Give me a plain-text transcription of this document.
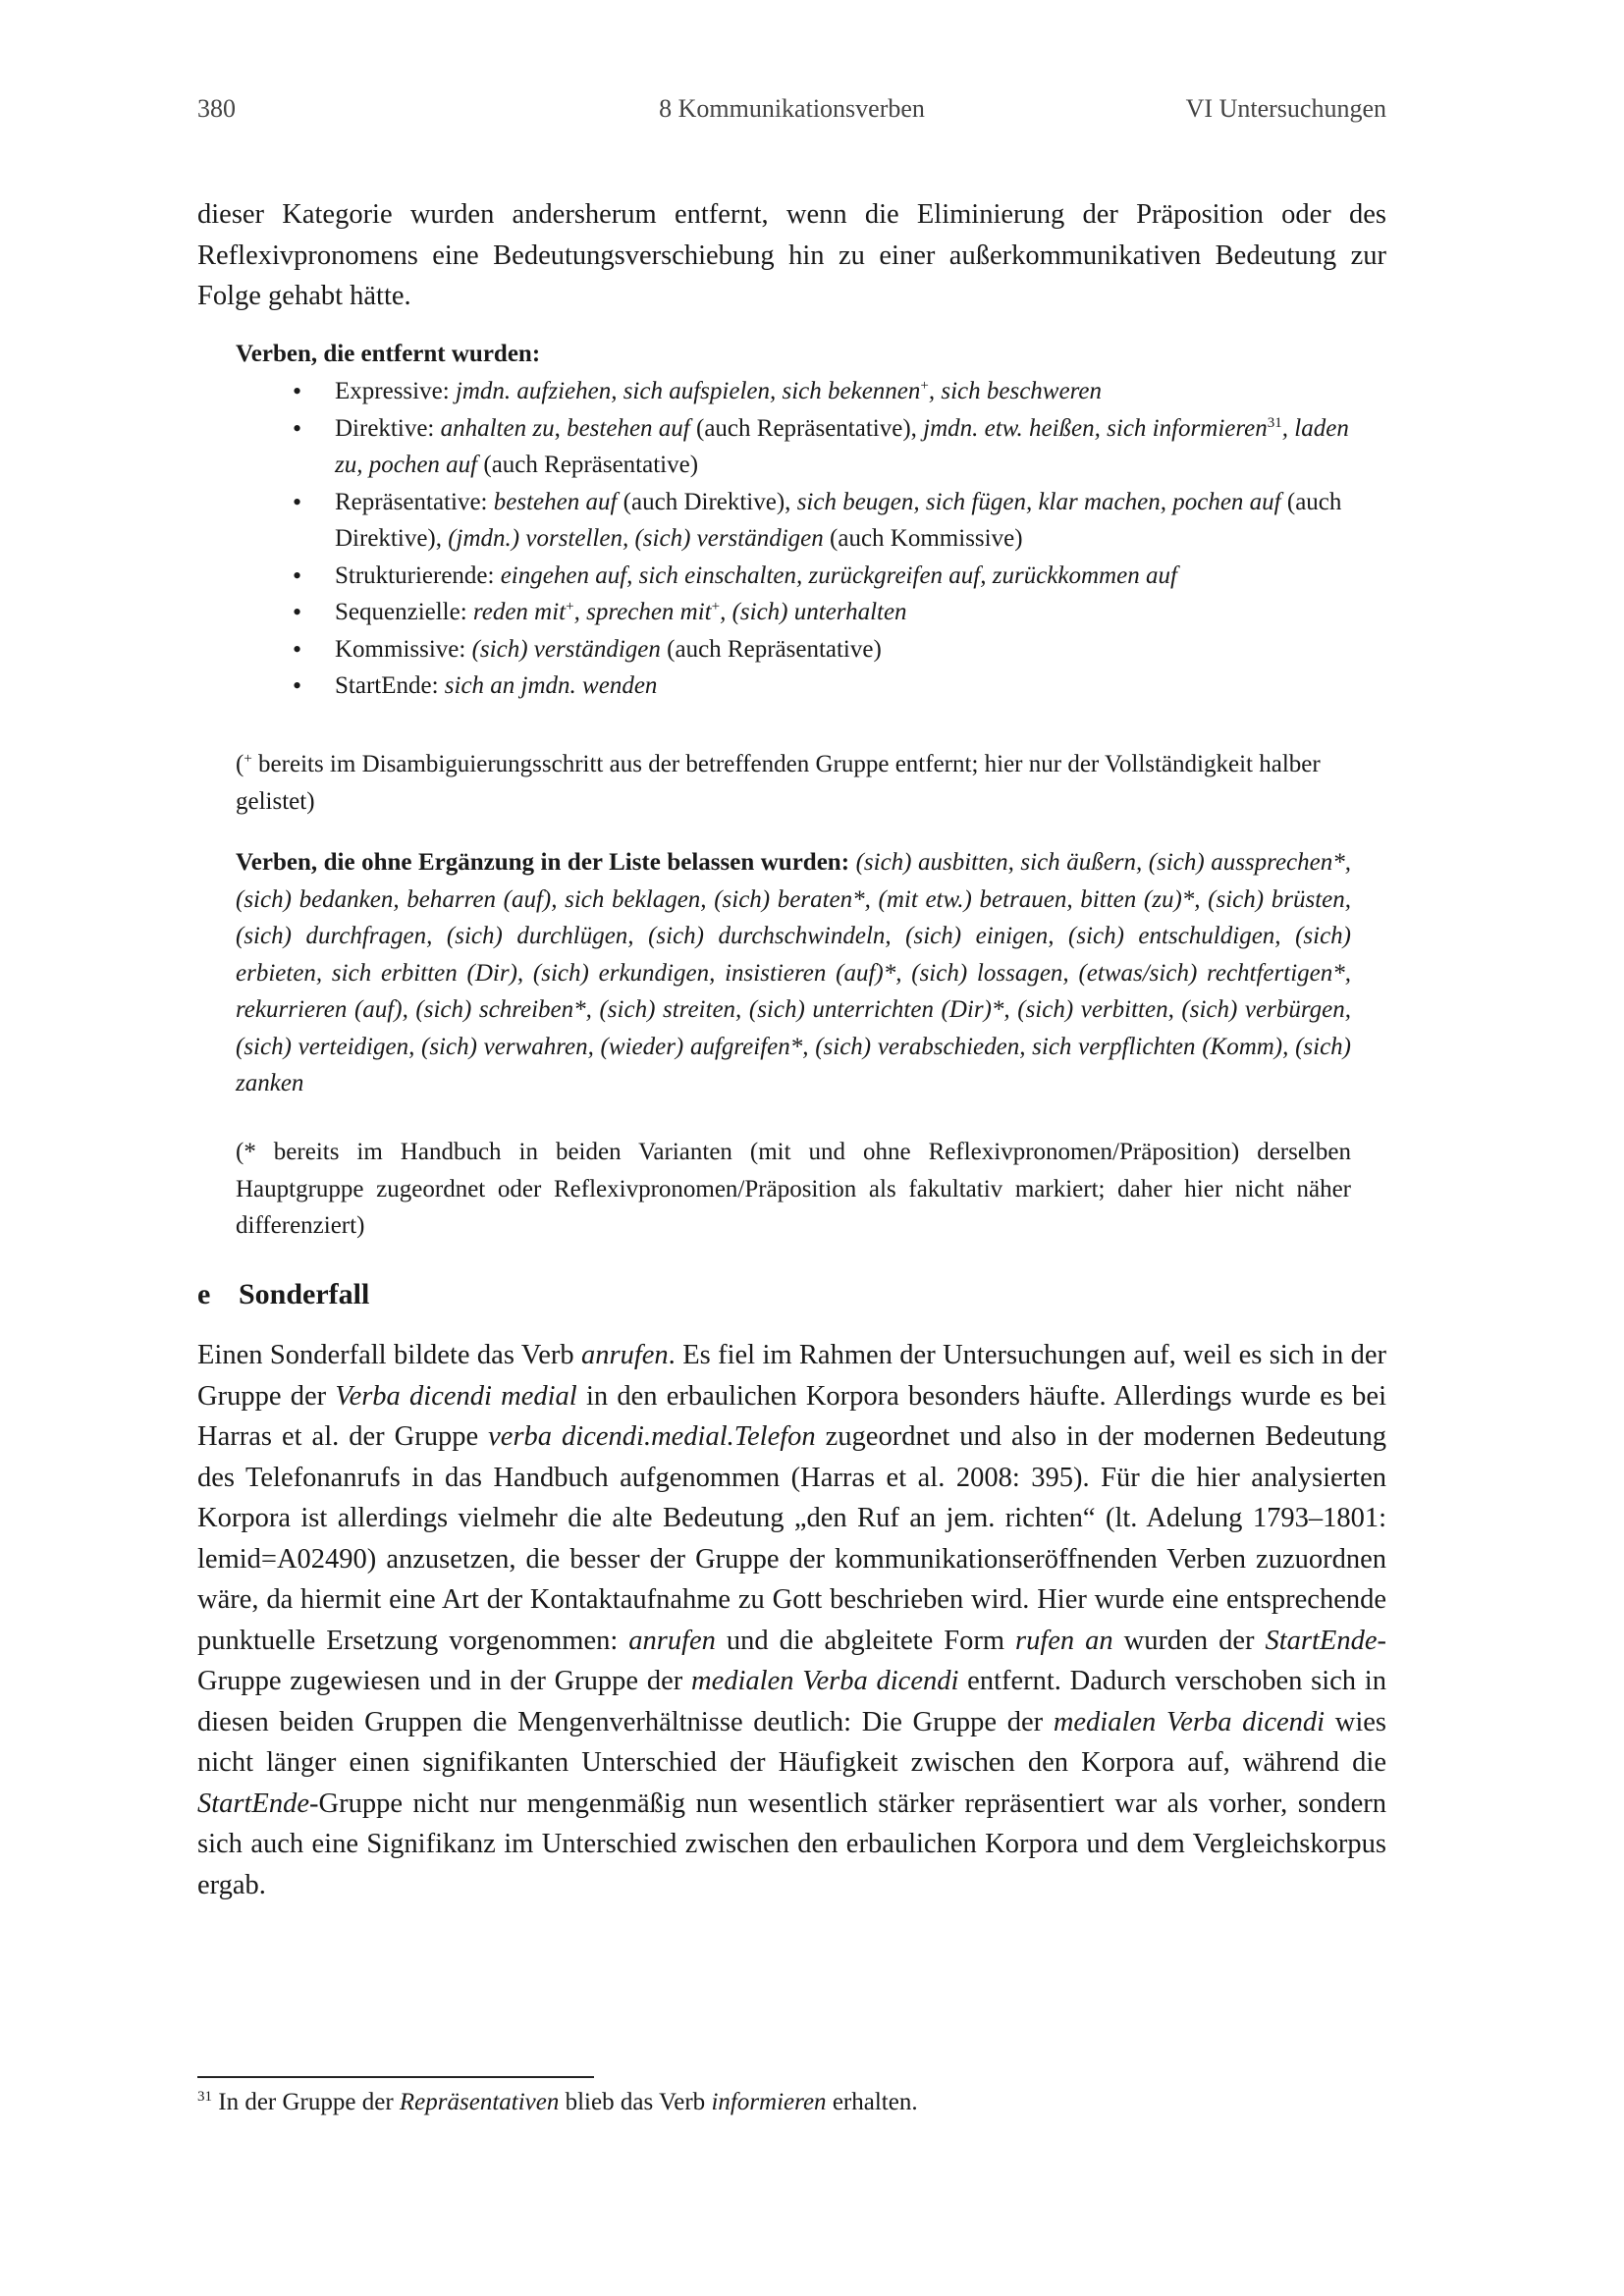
380	8 Kommunikationsverben	VI Untersuchungen
dieser Kategorie wurden andersherum entfernt, wenn die Eliminierung der Präposition oder des Reflexivpronomens eine Bedeutungsverschiebung hin zu einer außerkommunikativen Bedeutung zur Folge gehabt hätte.
Verben, die entfernt wurden:
• Expressive: jmdn. aufziehen, sich aufspielen, sich bekennen+, sich beschweren
• Direktive: anhalten zu, bestehen auf (auch Repräsentative), jmdn. etw. heißen, sich informieren$^{31}$, laden zu, pochen auf (auch Repräsentative)
• Repräsentative: bestehen auf (auch Direktive), sich beugen, sich fügen, klar machen, pochen auf (auch Direktive), (jmdn.) vorstellen, (sich) verständigen (auch Kommissive)
• Strukturierende: eingehen auf, sich einschalten, zurückgreifen auf, zurückkommen auf
• Sequenzielle: reden mit+, sprechen mit+, (sich) unterhalten
• Kommissive: (sich) verständigen (auch Repräsentative)
• StartEnde: sich an jmdn. wenden
(+ bereits im Disambiguierungsschritt aus der betreffenden Gruppe entfernt; hier nur der Vollständigkeit halber gelistet)
Verben, die ohne Ergänzung in der Liste belassen wurden: (sich) ausbitten, sich äußern, (sich) aussprechen*, (sich) bedanken, beharren (auf), sich beklagen, (sich) beraten*, (mit etw.) betrauen, bitten (zu)*, (sich) brüsten, (sich) durchfragen, (sich) durchlügen, (sich) durchschwindeln, (sich) einigen, (sich) entschuldigen, (sich) erbieten, sich erbitten (Dir), (sich) erkundigen, insistieren (auf)*, (sich) lossagen, (etwas/sich) rechtfertigen*, rekurrieren (auf), (sich) schreiben*, (sich) streiten, (sich) unterrichten (Dir)*, (sich) verbitten, (sich) verbürgen, (sich) verteidigen, (sich) verwahren, (wieder) aufgreifen*, (sich) verabschieden, sich verpflichten (Komm), (sich) zanken
(* bereits im Handbuch in beiden Varianten (mit und ohne Reflexivpronomen/Präposition) derselben Hauptgruppe zugeordnet oder Reflexivpronomen/Präposition als fakultativ markiert; daher hier nicht näher differenziert)
e Sonderfall
Einen Sonderfall bildete das Verb anrufen. Es fiel im Rahmen der Untersuchungen auf, weil es sich in der Gruppe der Verba dicendi medial in den erbaulichen Korpora besonders häufte. Allerdings wurde es bei Harras et al. der Gruppe verba dicendi.medial.Telefon zugeordnet und also in der modernen Bedeutung des Telefonanrufs in das Handbuch aufgenommen (Harras et al. 2008: 395). Für die hier analysierten Korpora ist allerdings vielmehr die alte Bedeutung „den Ruf an jem. richten“ (lt. Adelung 1793–1801: lemid=A02490) anzusetzen, die besser der Gruppe der kommunikationseröffnenden Verben zuzuordnen wäre, da hiermit eine Art der Kontaktaufnahme zu Gott beschrieben wird. Hier wurde eine entsprechende punktuelle Ersetzung vorgenommen: anrufen und die abgleitete Form rufen an wurden der StartEnde-Gruppe zugewiesen und in der Gruppe der medialen Verba dicendi entfernt. Dadurch verschoben sich in diesen beiden Gruppen die Mengenverhältnisse deutlich: Die Gruppe der medialen Verba dicendi wies nicht länger einen signifikanten Unterschied der Häufigkeit zwischen den Korpora auf, während die StartEnde-Gruppe nicht nur mengenmäßig nun wesentlich stärker repräsentiert war als vorher, sondern sich auch eine Signifikanz im Unterschied zwischen den erbaulichen Korpora und dem Vergleichskorpus ergab.
$^{31}$ In der Gruppe der Repräsentativen blieb das Verb informieren erhalten.
